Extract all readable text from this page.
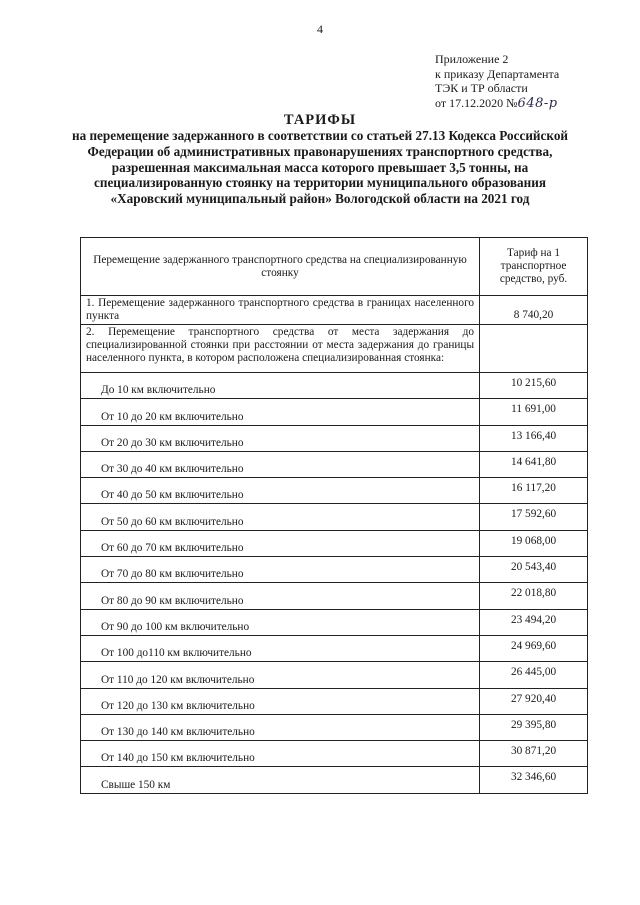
4
Приложение 2
к приказу Департамента
ТЭК и ТР области
от 17.12.2020 №648-р
ТАРИФЫ
на перемещение задержанного в соответствии со статьей 27.13 Кодекса Российской Федерации об административных правонарушениях транспортного средства, разрешенная максимальная масса которого превышает 3,5 тонны, на специализированную стоянку на территории муниципального образования «Харовский муниципальный район» Вологодской области на 2021 год
Перемещение задержанного транспортного средства на специализированную стоянку	Тариф на 1 транспортное средство, руб.
1. Перемещение задержанного транспортного средства в границах населенного пункта	8 740,20
2. Перемещение транспортного средства от места задержания до специализированной стоянки при расстоянии от места задержания до границы населенного пункта, в котором расположена специализированная стоянка:	
До 10 км включительно	10 215,60
От 10 до 20 км включительно	11 691,00
От 20 до 30 км включительно	13 166,40
От 30 до 40 км включительно	14 641,80
От 40 до 50 км включительно	16 117,20
От 50 до 60 км включительно	17 592,60
От 60 до 70 км включительно	19 068,00
От 70 до 80 км включительно	20 543,40
От 80 до 90 км включительно	22 018,80
От 90 до 100 км включительно	23 494,20
От 100 до110 км включительно	24 969,60
От 110 до 120 км включительно	26 445,00
От 120 до 130 км включительно	27 920,40
От 130 до 140 км включительно	29 395,80
От 140 до 150 км включительно	30 871,20
Свыше 150 км	32 346,60
